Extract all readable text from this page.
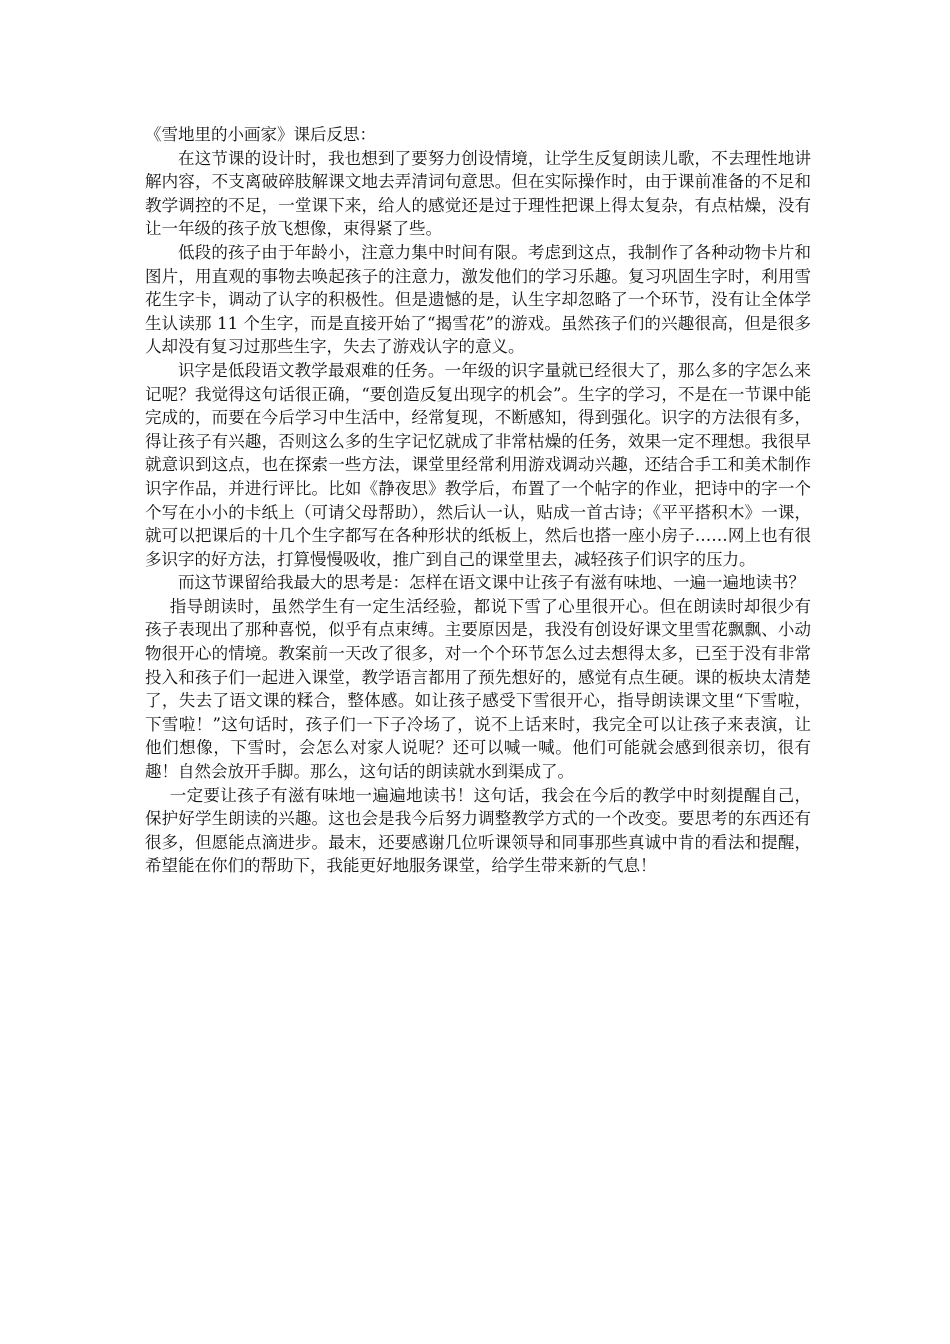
《雪地里的小画家》课后反思：

在这节课的设计时，我也想到了要努力创设情境，让学生反复朗读儿歌，不去理性地讲解内容，不支离破碎肢解课文地去弄清词句意思。但在实际操作时，由于课前准备的不足和教学调控的不足，一堂课下来，给人的感觉还是过于理性把课上得太复杂，有点枯燥，没有让一年级的孩子放飞想像，束得紧了些。

低段的孩子由于年龄小，注意力集中时间有限。考虑到这点，我制作了各种动物卡片和图片，用直观的事物去唤起孩子的注意力，激发他们的学习乐趣。复习巩固生字时，利用雪花生字卡，调动了认字的积极性。但是遗憾的是，认生字却忽略了一个环节，没有让全体学生认读那 11 个生字，而是直接开始了“揭雪花”的游戏。虽然孩子们的兴趣很高，但是很多人却没有复习过那些生字，失去了游戏认字的意义。

识字是低段语文教学最艰难的任务。一年级的识字量就已经很大了，那么多的字怎么来记呢？我觉得这句话很正确，“要创造反复出现字的机会”。生字的学习，不是在一节课中能完成的，而要在今后学习中生活中，经常复现，不断感知，得到强化。识字的方法很有多，得让孩子有兴趣，否则这么多的生字记忆就成了非常枯燥的任务，效果一定不理想。我很早就意识到这点，也在探索一些方法，课堂里经常利用游戏调动兴趣，还结合手工和美术制作识字作品，并进行评比。比如《静夜思》教学后，布置了一个帖字的作业，把诗中的字一个个写在小小的卡纸上（可请父母帮助），然后认一认，贴成一首古诗；《平平搭积木》一课，就可以把课后的十几个生字都写在各种形状的纸板上，然后也搭一座小房子……网上也有很多识字的好方法，打算慢慢吸收，推广到自己的课堂里去，减轻孩子们识字的压力。

而这节课留给我最大的思考是：怎样在语文课中让孩子有滋有味地、一遍一遍地读书？

指导朗读时，虽然学生有一定生活经验，都说下雪了心里很开心。但在朗读时却很少有孩子表现出了那种喜悦，似乎有点束缚。主要原因是，我没有创设好课文里雪花飘飘、小动物很开心的情境。教案前一天改了很多，对一个个环节怎么过去想得太多，已至于没有非常投入和孩子们一起进入课堂，教学语言都用了预先想好的，感觉有点生硬。课的板块太清楚了，失去了语文课的糅合，整体感。如让孩子感受下雪很开心，指导朗读课文里“下雪啦，下雪啦！”这句话时，孩子们一下子冷场了，说不上话来时，我完全可以让孩子来表演，让他们想像，下雪时，会怎么对家人说呢？还可以喊一喊。他们可能就会感到很亲切，很有趣！自然会放开手脚。那么，这句话的朗读就水到渠成了。

一定要让孩子有滋有味地一遍遍地读书！这句话，我会在今后的教学中时刻提醒自己，保护好学生朗读的兴趣。这也会是我今后努力调整教学方式的一个改变。要思考的东西还有很多，但愿能点滴进步。最末，还要感谢几位听课领导和同事那些真诚中肯的看法和提醒，希望能在你们的帮助下，我能更好地服务课堂，给学生带来新的气息！
